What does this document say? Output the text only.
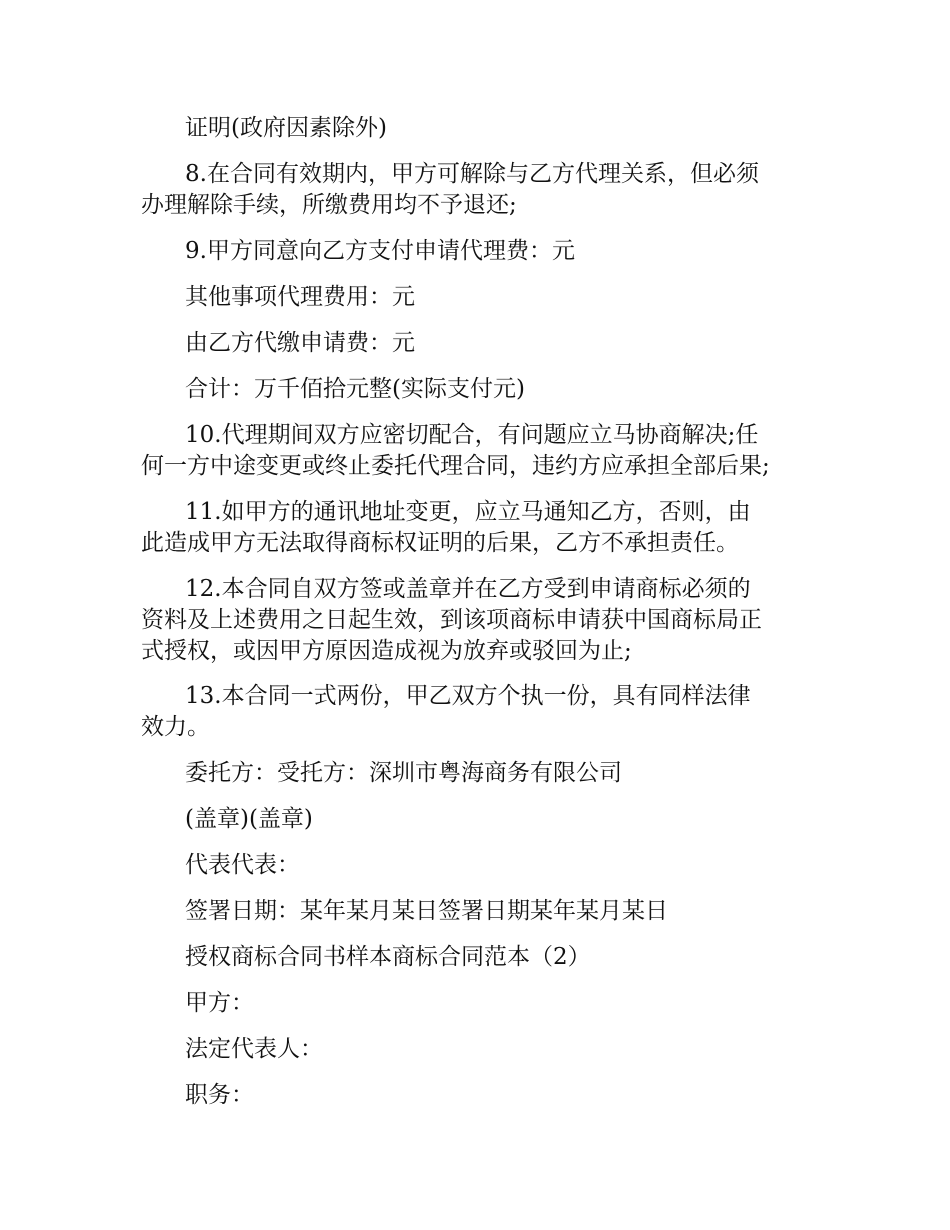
证明(政府因素除外)
8.在合同有效期内，甲方可解除与乙方代理关系，但必须
办理解除手续，所缴费用均不予退还;
9.甲方同意向乙方支付申请代理费：元
其他事项代理费用：元
由乙方代缴申请费：元
合计：万千佰拾元整(实际支付元)
10.代理期间双方应密切配合，有问题应立马协商解决;任
何一方中途变更或终止委托代理合同，违约方应承担全部后果;
11.如甲方的通讯地址变更，应立马通知乙方，否则，由
此造成甲方无法取得商标权证明的后果，乙方不承担责任。
12.本合同自双方签或盖章并在乙方受到申请商标必须的
资料及上述费用之日起生效，到该项商标申请获中国商标局正
式授权，或因甲方原因造成视为放弃或驳回为止;
13.本合同一式两份，甲乙双方个执一份，具有同样法律
效力。
委托方：受托方：深圳市粤海商务有限公司
(盖章)(盖章)
代表代表：
签署日期：某年某月某日签署日期某年某月某日
授权商标合同书样本商标合同范本（2）
甲方：
法定代表人：
职务：
